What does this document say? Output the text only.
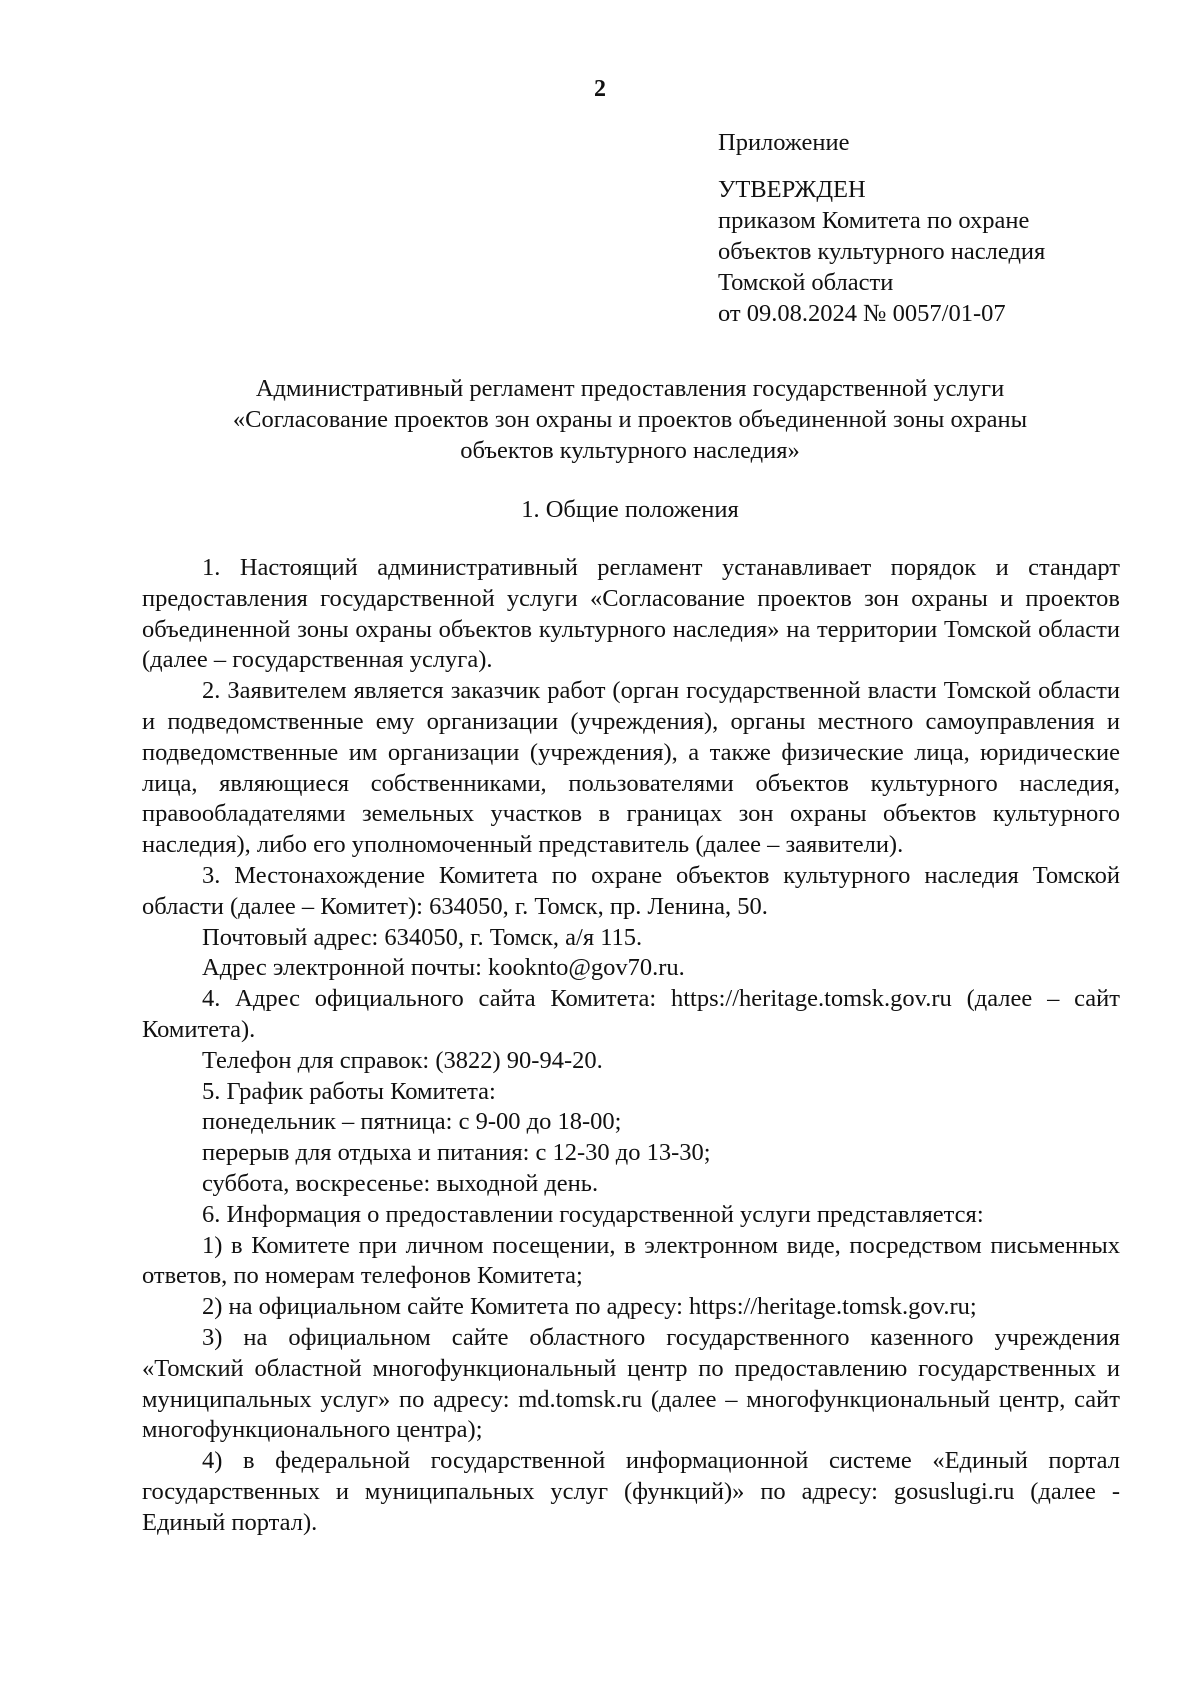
2
Приложение
УТВЕРЖДЕН
приказом Комитета по охране
объектов культурного наследия
Томской области
от 09.08.2024 № 0057/01-07
Административный регламент предоставления государственной услуги
«Согласование проектов зон охраны и проектов объединенной зоны охраны
объектов культурного наследия»
1. Общие положения

1. Настоящий административный регламент устанавливает порядок и стандарт предоставления государственной услуги «Согласование проектов зон охраны и проектов объединенной зоны охраны объектов культурного наследия» на территории Томской области (далее – государственная услуга).

2. Заявителем является заказчик работ (орган государственной власти Томской области и подведомственные ему организации (учреждения), органы местного самоуправления и подведомственные им организации (учреждения), а также физические лица, юридические лица, являющиеся собственниками, пользователями объектов культурного наследия, правообладателями земельных участков в границах зон охраны объектов культурного наследия), либо его уполномоченный представитель (далее – заявители).

3. Местонахождение Комитета по охране объектов культурного наследия Томской области (далее – Комитет): 634050, г. Томск, пр. Ленина, 50.

Почтовый адрес: 634050, г. Томск, а/я 115.

Адрес электронной почты: kooknto@gov70.ru.

4. Адрес официального сайта Комитета: https://heritage.tomsk.gov.ru (далее – сайт Комитета).

Телефон для справок: (3822) 90-94-20.

5. График работы Комитета:

понедельник – пятница: с 9-00 до 18-00;

перерыв для отдыха и питания: с 12-30 до 13-30;

суббота, воскресенье: выходной день.

6. Информация о предоставлении государственной услуги представляется:

1) в Комитете при личном посещении, в электронном виде, посредством письменных ответов, по номерам телефонов Комитета;

2) на официальном сайте Комитета по адресу: https://heritage.tomsk.gov.ru;

3) на официальном сайте областного государственного казенного учреждения «Томский областной многофункциональный центр по предоставлению государственных и муниципальных услуг» по адресу: md.tomsk.ru (далее – многофункциональный центр, сайт многофункционального центра);

4) в федеральной государственной информационной системе «Единый портал государственных и муниципальных услуг (функций)» по адресу: gosuslugi.ru (далее - Единый портал).
